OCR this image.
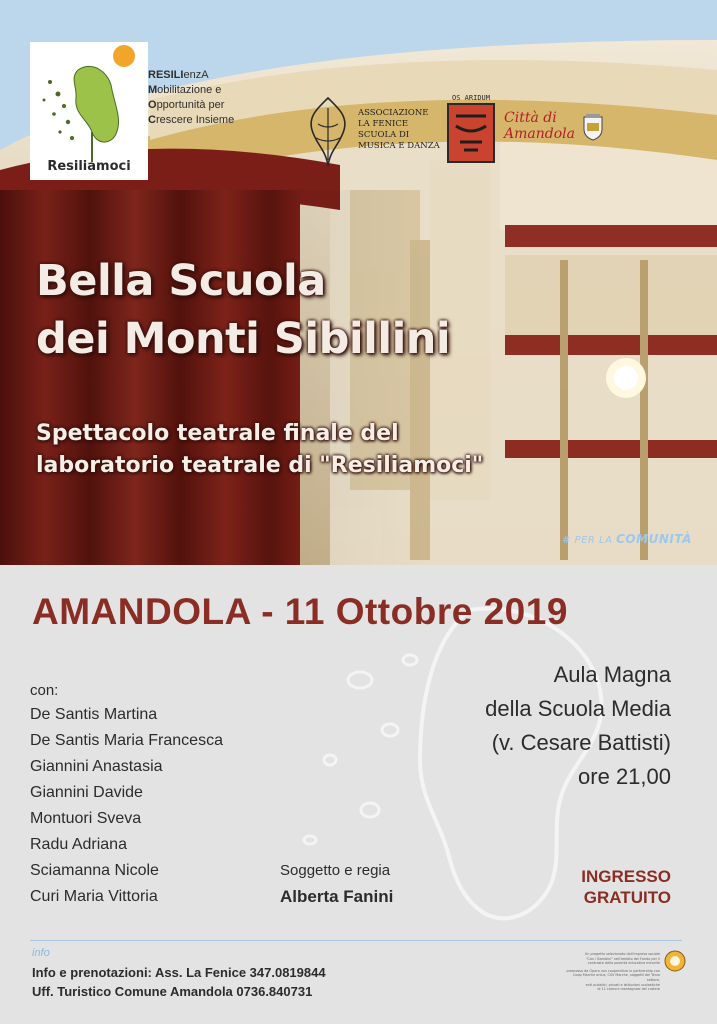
Resiliamoci
RESILIenzA
Mobilitazione e
Opportunità per
Crescere Insieme
ASSOCIAZIONE
LA FENICE
SCUOLA DI
MUSICA E DANZA
OS ARIDUM
Città di
Amandola
Bella Scuola
dei Monti Sibillini
Spettacolo teatrale finale del
laboratorio teatrale di "Resiliamoci"
# PER LA COMUNITÀ
AMANDOLA - 11 Ottobre 2019
Aula Magna
della Scuola Media
(v. Cesare Battisti)
ore 21,00
con:
De Santis Martina
De Santis Maria Francesca
Giannini Anastasia
Giannini Davide
Montuori Sveva
Radu Adriana
Sciamanna Nicole
Curi Maria Vittoria
Soggetto e regia
Alberta Fanini
INGRESSO
GRATUITO
info
Info e prenotazioni: Ass. La Fenice 347.0819844
Uff. Turistico Comune Amandola 0736.840731
Un progetto selezionato dall'impresa sociale
"Con i Bambini" nell'ambito del Fondo per il
contrasto della povertà educativa minorile
promosso da Opera nos cooperativa in partnership con
Coop Marche onlus, CSV Marche, soggetti del Terzo settore,
enti pubblici, privati e istituzioni scolastiche
di 11 comuni montagnosi del cratere
